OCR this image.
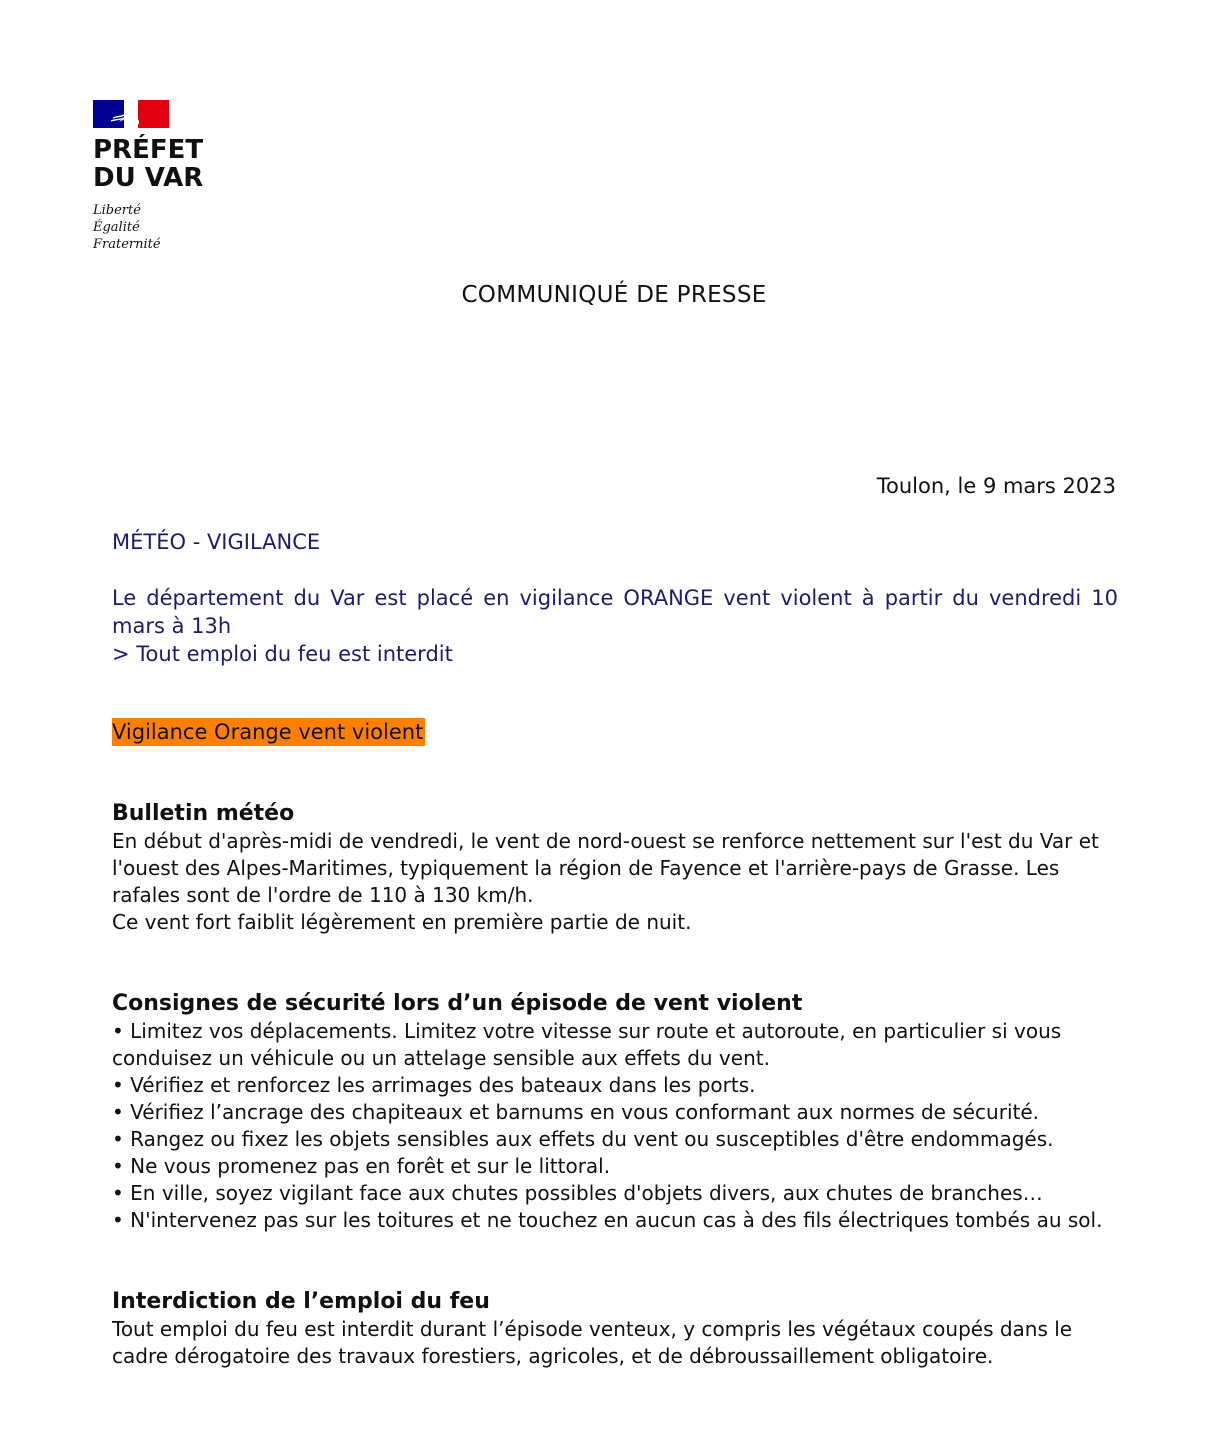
PRÉFET
DU VAR
Liberté
Égalité
Fraternité
COMMUNIQUÉ DE PRESSE
Toulon, le 9 mars 2023

MÉTÉO - VIGILANCE

Le département du Var est placé en vigilance ORANGE vent violent à partir du vendredi 10 mars à 13h

> Tout emploi du feu est interdit

Vigilance Orange vent violent
Bulletin météo

En début d'après-midi de vendredi, le vent de nord-ouest se renforce nettement sur l'est du Var et l'ouest des Alpes-Maritimes, typiquement la région de Fayence et l'arrière-pays de Grasse. Les rafales sont de l'ordre de 110 à 130 km/h.

Ce vent fort faiblit légèrement en première partie de nuit.

Consignes de sécurité lors d’un épisode de vent violent
• Limitez vos déplacements. Limitez votre vitesse sur route et autoroute, en particulier si vous conduisez un véhicule ou un attelage sensible aux effets du vent.
• Vérifiez et renforcez les arrimages des bateaux dans les ports.
• Vérifiez l’ancrage des chapiteaux et barnums en vous conformant aux normes de sécurité.
• Rangez ou fixez les objets sensibles aux effets du vent ou susceptibles d'être endommagés.
• Ne vous promenez pas en forêt et sur le littoral.
• En ville, soyez vigilant face aux chutes possibles d'objets divers, aux chutes de branches…
• N'intervenez pas sur les toitures et ne touchez en aucun cas à des fils électriques tombés au sol.
Interdiction de l’emploi du feu

Tout emploi du feu est interdit durant l’épisode venteux, y compris les végétaux coupés dans le cadre dérogatoire des travaux forestiers, agricoles, et de débroussaillement obligatoire.
